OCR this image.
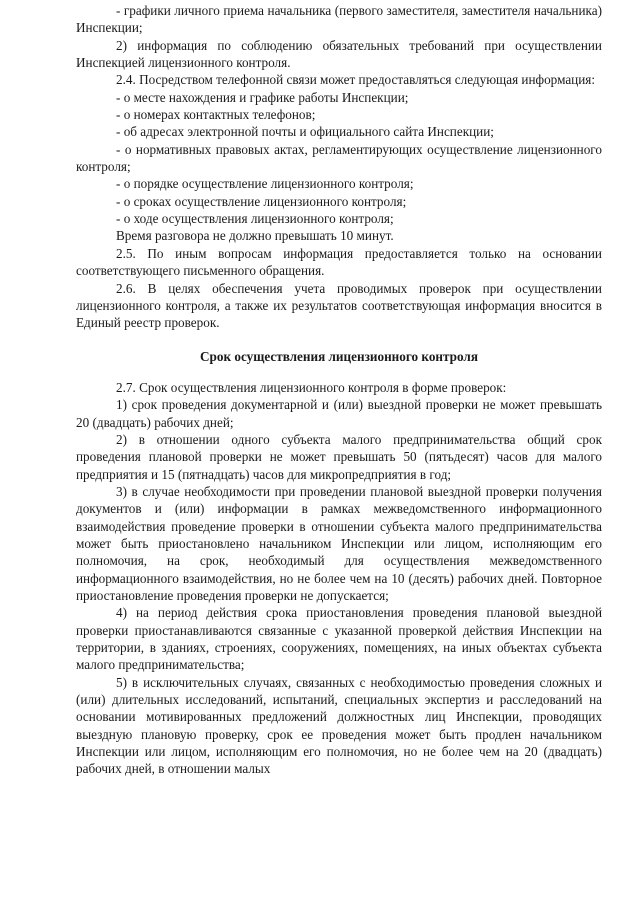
- графики личного приема начальника (первого заместителя, заместителя начальника) Инспекции;

2) информация по соблюдению обязательных требований при осуществлении Инспекцией лицензионного контроля.

2.4. Посредством телефонной связи может предоставляться следующая информация:

- о месте нахождения и графике работы Инспекции;

- о номерах контактных телефонов;

- об адресах электронной почты и официального сайта Инспекции;

- о нормативных правовых актах, регламентирующих осуществление лицензионного контроля;

- о порядке осуществление лицензионного контроля;

- о сроках осуществление лицензионного контроля;

- о ходе осуществления лицензионного контроля;

Время разговора не должно превышать 10 минут.

2.5. По иным вопросам информация предоставляется только на основании соответствующего письменного обращения.

2.6. В целях обеспечения учета проводимых проверок при осуществлении лицензионного контроля, а также их результатов соответствующая информация вносится в Единый реестр проверок.

Срок осуществления лицензионного контроля

2.7. Срок осуществления лицензионного контроля в форме проверок:

1) срок проведения документарной и (или) выездной проверки не может превышать 20 (двадцать) рабочих дней;

2) в отношении одного субъекта малого предпринимательства общий срок проведения плановой проверки не может превышать 50 (пятьдесят) часов для малого предприятия и 15 (пятнадцать) часов для микропредприятия в год;

3) в случае необходимости при проведении плановой выездной проверки получения документов и (или) информации в рамках межведомственного информационного взаимодействия проведение проверки в отношении субъекта малого предпринимательства может быть приостановлено начальником Инспекции или лицом, исполняющим его полномочия, на срок, необходимый для осуществления межведомственного информационного взаимодействия, но не более чем на 10 (десять) рабочих дней. Повторное приостановление проведения проверки не допускается;

4) на период действия срока приостановления проведения плановой выездной проверки приостанавливаются связанные с указанной проверкой действия Инспекции на территории, в зданиях, строениях, сооружениях, помещениях, на иных объектах субъекта малого предпринимательства;

5) в исключительных случаях, связанных с необходимостью проведения сложных и (или) длительных исследований, испытаний, специальных экспертиз и расследований на основании мотивированных предложений должностных лиц Инспекции, проводящих выездную плановую проверку, срок ее проведения может быть продлен начальником Инспекции или лицом, исполняющим его полномочия, но не более чем на 20 (двадцать) рабочих дней, в отношении малых
